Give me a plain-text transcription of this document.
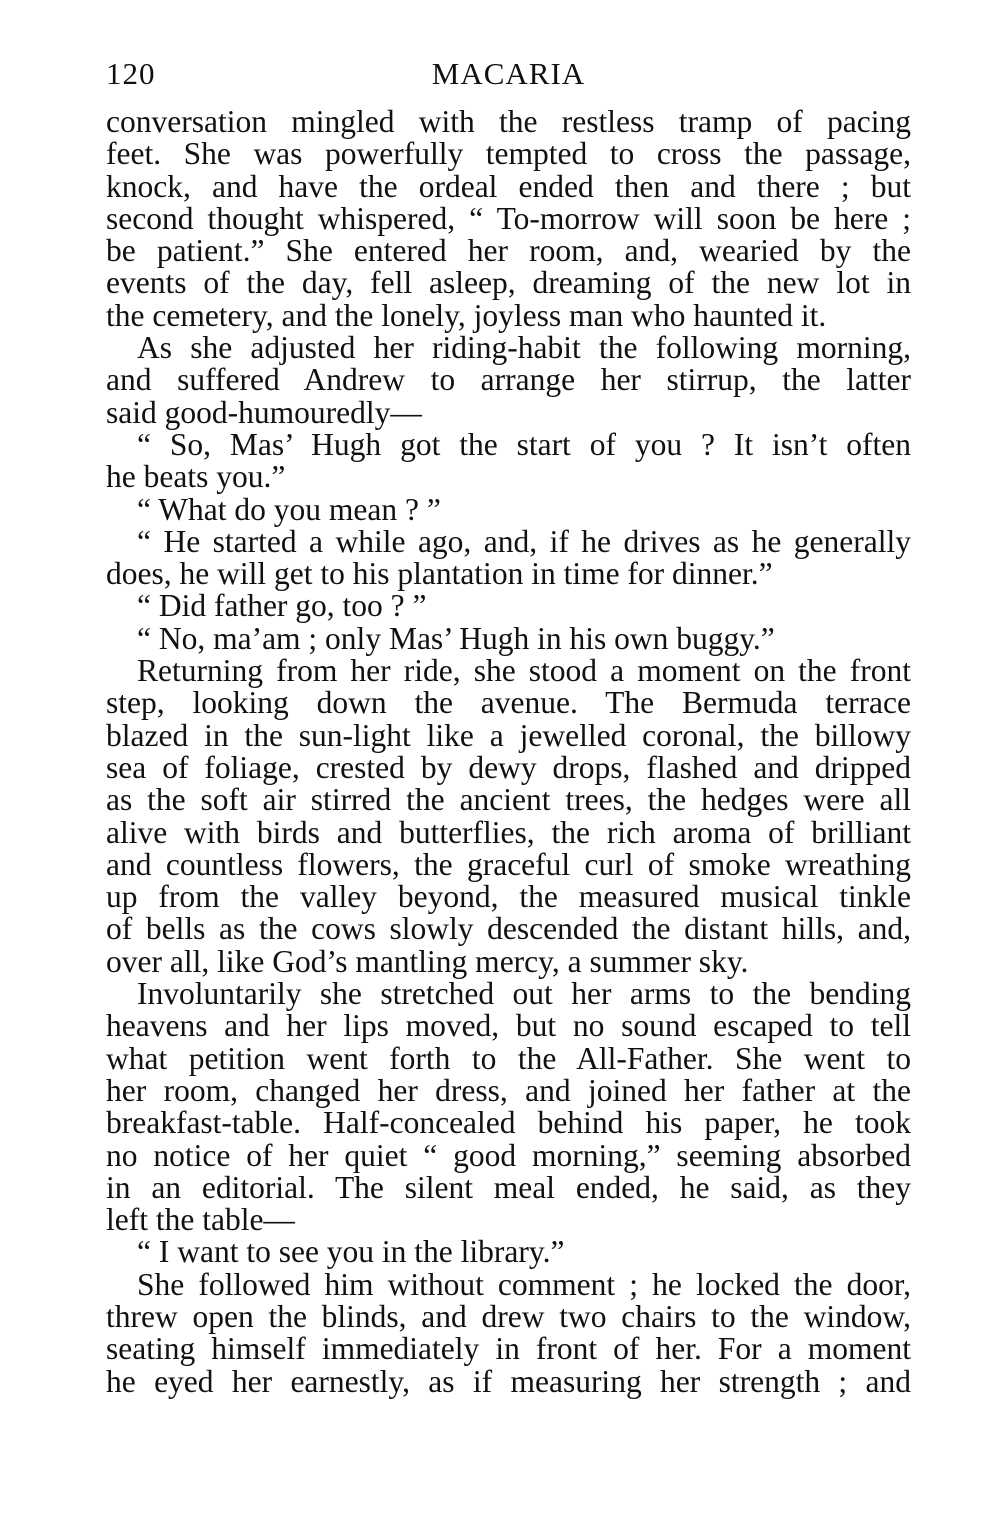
120	MACARIA
conversation mingled with the restless tramp of pacing
feet. She was powerfully tempted to cross the passage,
knock, and have the ordeal ended then and there ; but
second thought whispered, “ To-morrow will soon be here ;
be patient.” She entered her room, and, wearied by the
events of the day, fell asleep, dreaming of the new lot in
the cemetery, and the lonely, joyless man who haunted it.
As she adjusted her riding-habit the following morning,
and suffered Andrew to arrange her stirrup, the latter
said good-humouredly—
“ So, Mas’ Hugh got the start of you ? It isn’t often
he beats you.”
“ What do you mean ? ”
“ He started a while ago, and, if he drives as he generally
does, he will get to his plantation in time for dinner.”
“ Did father go, too ? ”
“ No, ma’am ; only Mas’ Hugh in his own buggy.”
Returning from her ride, she stood a moment on the front
step, looking down the avenue. The Bermuda terrace
blazed in the sun-light like a jewelled coronal, the billowy
sea of foliage, crested by dewy drops, flashed and dripped
as the soft air stirred the ancient trees, the hedges were all
alive with birds and butterflies, the rich aroma of brilliant
and countless flowers, the graceful curl of smoke wreathing
up from the valley beyond, the measured musical tinkle
of bells as the cows slowly descended the distant hills, and,
over all, like God’s mantling mercy, a summer sky.
Involuntarily she stretched out her arms to the bending
heavens and her lips moved, but no sound escaped to tell
what petition went forth to the All-Father. She went to
her room, changed her dress, and joined her father at the
breakfast-table. Half-concealed behind his paper, he took
no notice of her quiet “ good morning,” seeming absorbed
in an editorial. The silent meal ended, he said, as they
left the table—
“ I want to see you in the library.”
She followed him without comment ; he locked the door,
threw open the blinds, and drew two chairs to the window,
seating himself immediately in front of her. For a moment
he eyed her earnestly, as if measuring her strength ; and
